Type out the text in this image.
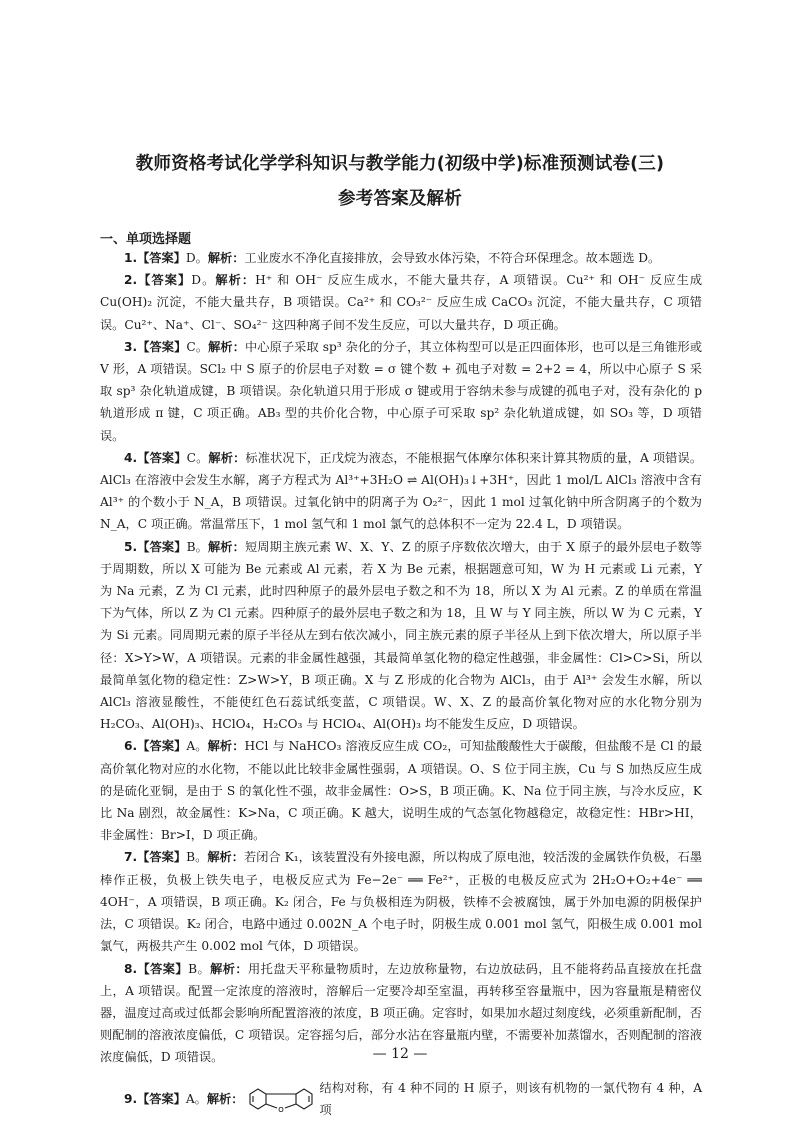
教师资格考试化学学科知识与教学能力(初级中学)标准预测试卷(三)
参考答案及解析
一、单项选择题

1.【答案】D。解析：工业废水不净化直接排放，会导致水体污染，不符合环保理念。故本题选 D。

2.【答案】D。解析：H⁺ 和 OH⁻ 反应生成水，不能大量共存，A 项错误。Cu²⁺ 和 OH⁻ 反应生成 Cu(OH)₂ 沉淀，不能大量共存，B 项错误。Ca²⁺ 和 CO₃²⁻ 反应生成 CaCO₃ 沉淀，不能大量共存，C 项错误。Cu²⁺、Na⁺、Cl⁻、SO₄²⁻ 这四种离子间不发生反应，可以大量共存，D 项正确。

3.【答案】C。解析：中心原子采取 sp³ 杂化的分子，其立体构型可以是正四面体形，也可以是三角锥形或 V 形，A 项错误。SCl₂ 中 S 原子的价层电子对数 = σ 键个数 + 孤电子对数 = 2+2 = 4，所以中心原子 S 采取 sp³ 杂化轨道成键，B 项错误。杂化轨道只用于形成 σ 键或用于容纳未参与成键的孤电子对，没有杂化的 p 轨道形成 π 键，C 项正确。AB₃ 型的共价化合物，中心原子可采取 sp² 杂化轨道成键，如 SO₃ 等，D 项错误。

4.【答案】C。解析：标准状况下，正戊烷为液态，不能根据气体摩尔体积来计算其物质的量，A 项错误。AlCl₃ 在溶液中会发生水解，离子方程式为 Al³⁺+3H₂O ⇌ Al(OH)₃↓+3H⁺，因此 1 mol/L AlCl₃ 溶液中含有 Al³⁺ 的个数小于 N_A，B 项错误。过氧化钠中的阴离子为 O₂²⁻，因此 1 mol 过氧化钠中所含阴离子的个数为 N_A，C 项正确。常温常压下，1 mol 氢气和 1 mol 氯气的总体积不一定为 22.4 L，D 项错误。

5.【答案】B。解析：短周期主族元素 W、X、Y、Z 的原子序数依次增大，由于 X 原子的最外层电子数等于周期数，所以 X 可能为 Be 元素或 Al 元素，若 X 为 Be 元素，根据题意可知，W 为 H 元素或 Li 元素，Y 为 Na 元素，Z 为 Cl 元素，此时四种原子的最外层电子数之和不为 18，所以 X 为 Al 元素。Z 的单质在常温下为气体，所以 Z 为 Cl 元素。四种原子的最外层电子数之和为 18，且 W 与 Y 同主族，所以 W 为 C 元素，Y 为 Si 元素。同周期元素的原子半径从左到右依次减小，同主族元素的原子半径从上到下依次增大，所以原子半径：X>Y>W，A 项错误。元素的非金属性越强，其最简单氢化物的稳定性越强，非金属性：Cl>C>Si，所以最简单氢化物的稳定性：Z>W>Y，B 项正确。X 与 Z 形成的化合物为 AlCl₃，由于 Al³⁺ 会发生水解，所以 AlCl₃ 溶液显酸性，不能使红色石蕊试纸变蓝，C 项错误。W、X、Z 的最高价氧化物对应的水化物分别为 H₂CO₃、Al(OH)₃、HClO₄，H₂CO₃ 与 HClO₄、Al(OH)₃ 均不能发生反应，D 项错误。

6.【答案】A。解析：HCl 与 NaHCO₃ 溶液反应生成 CO₂，可知盐酸酸性大于碳酸，但盐酸不是 Cl 的最高价氧化物对应的水化物，不能以此比较非金属性强弱，A 项错误。O、S 位于同主族，Cu 与 S 加热反应生成的是硫化亚铜，是由于 S 的氧化性不强，故非金属性：O>S，B 项正确。K、Na 位于同主族，与冷水反应，K 比 Na 剧烈，故金属性：K>Na，C 项正确。K 越大，说明生成的气态氢化物越稳定，故稳定性：HBr>HI，非金属性：Br>I，D 项正确。

7.【答案】B。解析：若闭合 K₁，该装置没有外接电源，所以构成了原电池，较活泼的金属铁作负极，石墨棒作正极，负极上铁失电子，电极反应式为 Fe−2e⁻ ══ Fe²⁺，正极的电极反应式为 2H₂O+O₂+4e⁻ ══ 4OH⁻，A 项错误，B 项正确。K₂ 闭合，Fe 与负极相连为阴极，铁棒不会被腐蚀，属于外加电源的阴极保护法，C 项错误。K₂ 闭合，电路中通过 0.002N_A 个电子时，阴极生成 0.001 mol 氢气，阳极生成 0.001 mol 氯气，两极共产生 0.002 mol 气体，D 项错误。

8.【答案】B。解析：用托盘天平称量物质时，左边放称量物，右边放砝码，且不能将药品直接放在托盘上，A 项错误。配置一定浓度的溶液时，溶解后一定要冷却至室温，再转移至容量瓶中，因为容量瓶是精密仪器，温度过高或过低都会影响所配置溶液的浓度，B 项正确。定容时，如果加水超过刻度线，必须重新配制，否则配制的溶液浓度偏低，C 项错误。定容摇匀后，部分水沾在容量瓶内壁，不需要补加蒸馏水，否则配制的溶液浓度偏低，D 项错误。

9. 【答案】 A。 解析：
O
结构对称，有 4 种不同的 H 原子，则该有机物的一氯代物有 4 种，A 项

— 12 —
